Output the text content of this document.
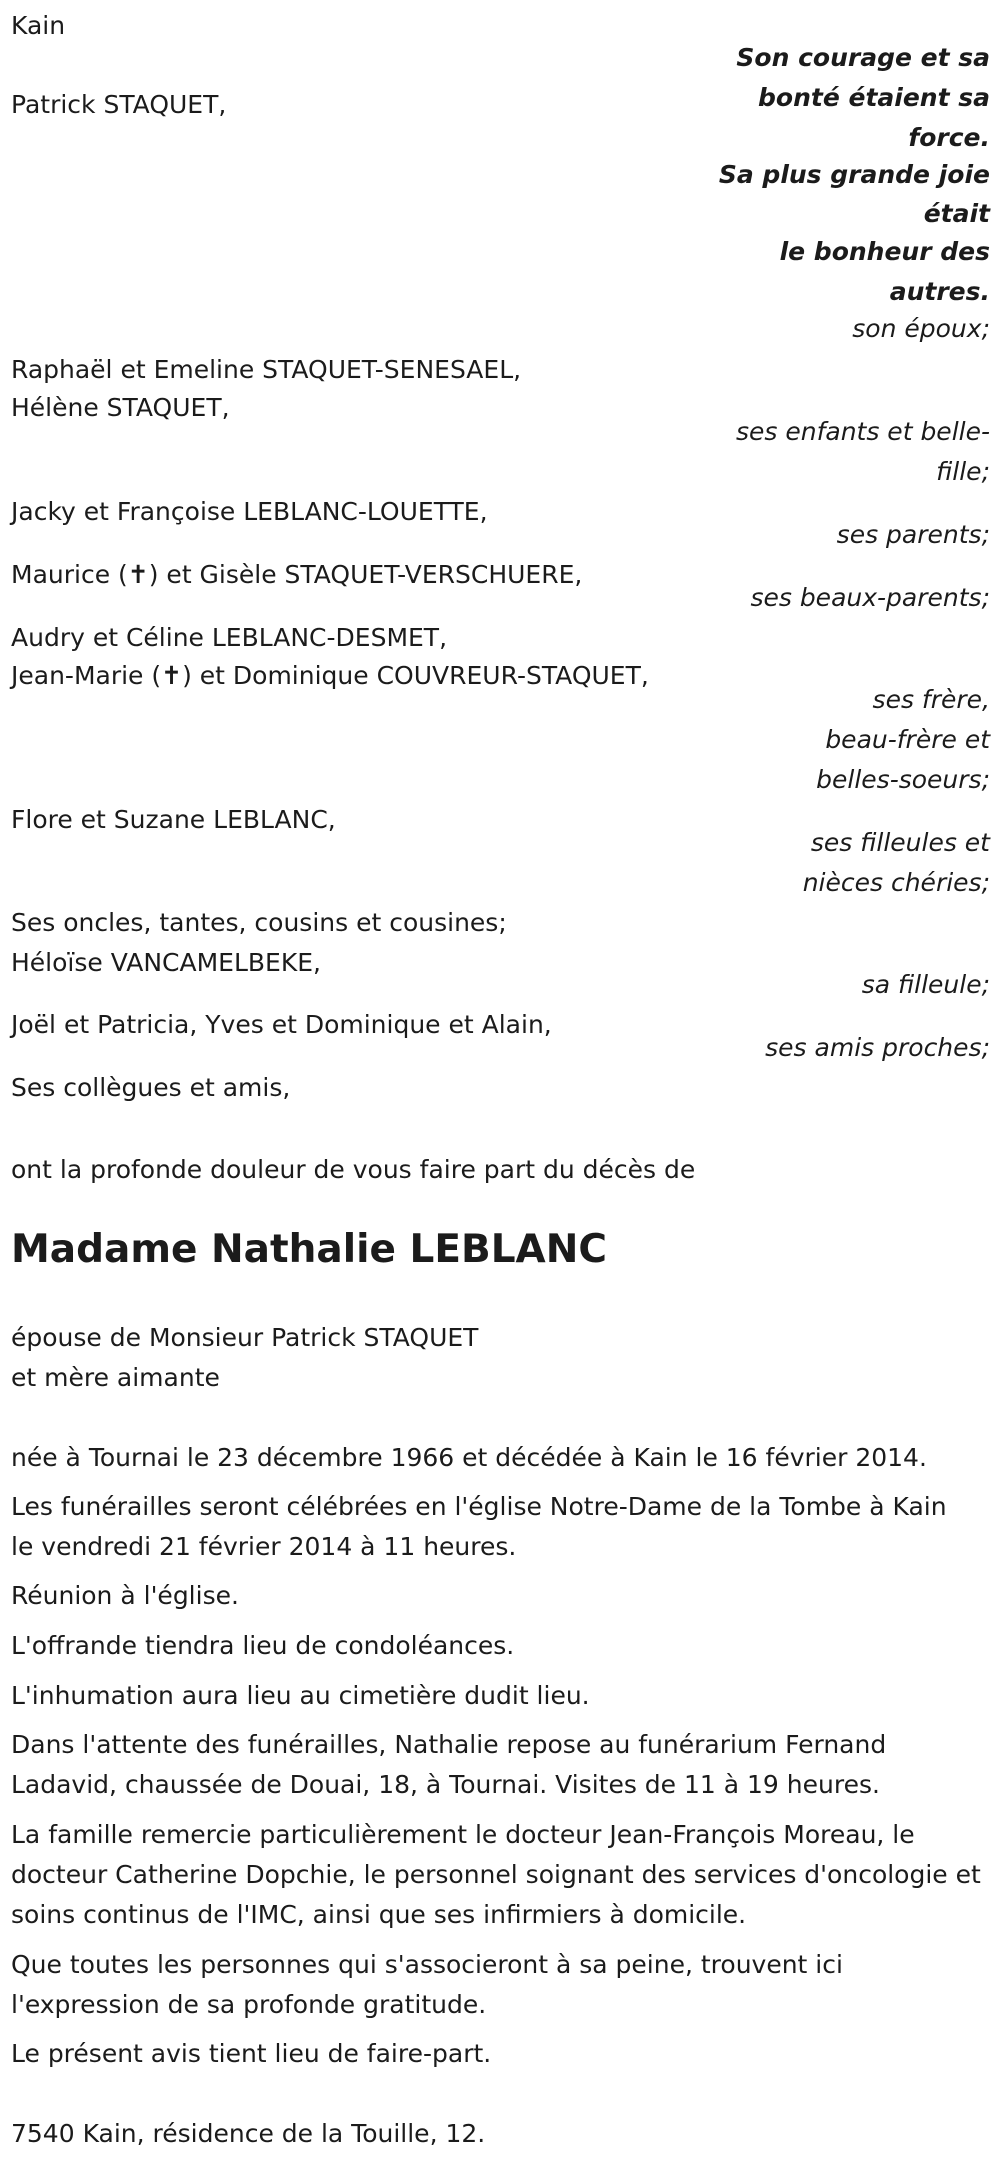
Kain
Son courage et sa
bonté étaient sa
force.
Sa plus grande joie
était
le bonheur des
autres.
Patrick STAQUET,
son époux;
Raphaël et Emeline STAQUET-SENESAEL,
Hélène STAQUET,
ses enfants et belle-
fille;
Jacky et Françoise LEBLANC-LOUETTE,
ses parents;
Maurice (✝) et Gisèle STAQUET-VERSCHUERE,
ses beaux-parents;
Audry et Céline LEBLANC-DESMET,
Jean-Marie (✝) et Dominique COUVREUR-STAQUET,
ses frère,
beau-frère et
belles-soeurs;
Flore et Suzane LEBLANC,
ses filleules et
nièces chéries;
Ses oncles, tantes, cousins et cousines;
Héloïse VANCAMELBEKE,
sa filleule;
Joël et Patricia, Yves et Dominique et Alain,
ses amis proches;
Ses collègues et amis,
ont la profonde douleur de vous faire part du décès de
Madame Nathalie LEBLANC
épouse de Monsieur Patrick STAQUET
et mère aimante
née à Tournai le 23 décembre 1966 et décédée à Kain le 16 février 2014.
Les funérailles seront célébrées en l'église Notre-Dame de la Tombe à Kain le vendredi 21 février 2014 à 11 heures.
Réunion à l'église.
L'offrande tiendra lieu de condoléances.
L'inhumation aura lieu au cimetière dudit lieu.
Dans l'attente des funérailles, Nathalie repose au funérarium Fernand Ladavid, chaussée de Douai, 18, à Tournai. Visites de 11 à 19 heures.
La famille remercie particulièrement le docteur Jean-François Moreau, le docteur Catherine Dopchie, le personnel soignant des services d'oncologie et soins continus de l'IMC, ainsi que ses infirmiers à domicile.
Que toutes les personnes qui s'associeront à sa peine, trouvent ici l'expression de sa profonde gratitude.
Le présent avis tient lieu de faire-part.
7540 Kain, résidence de la Touille, 12.
